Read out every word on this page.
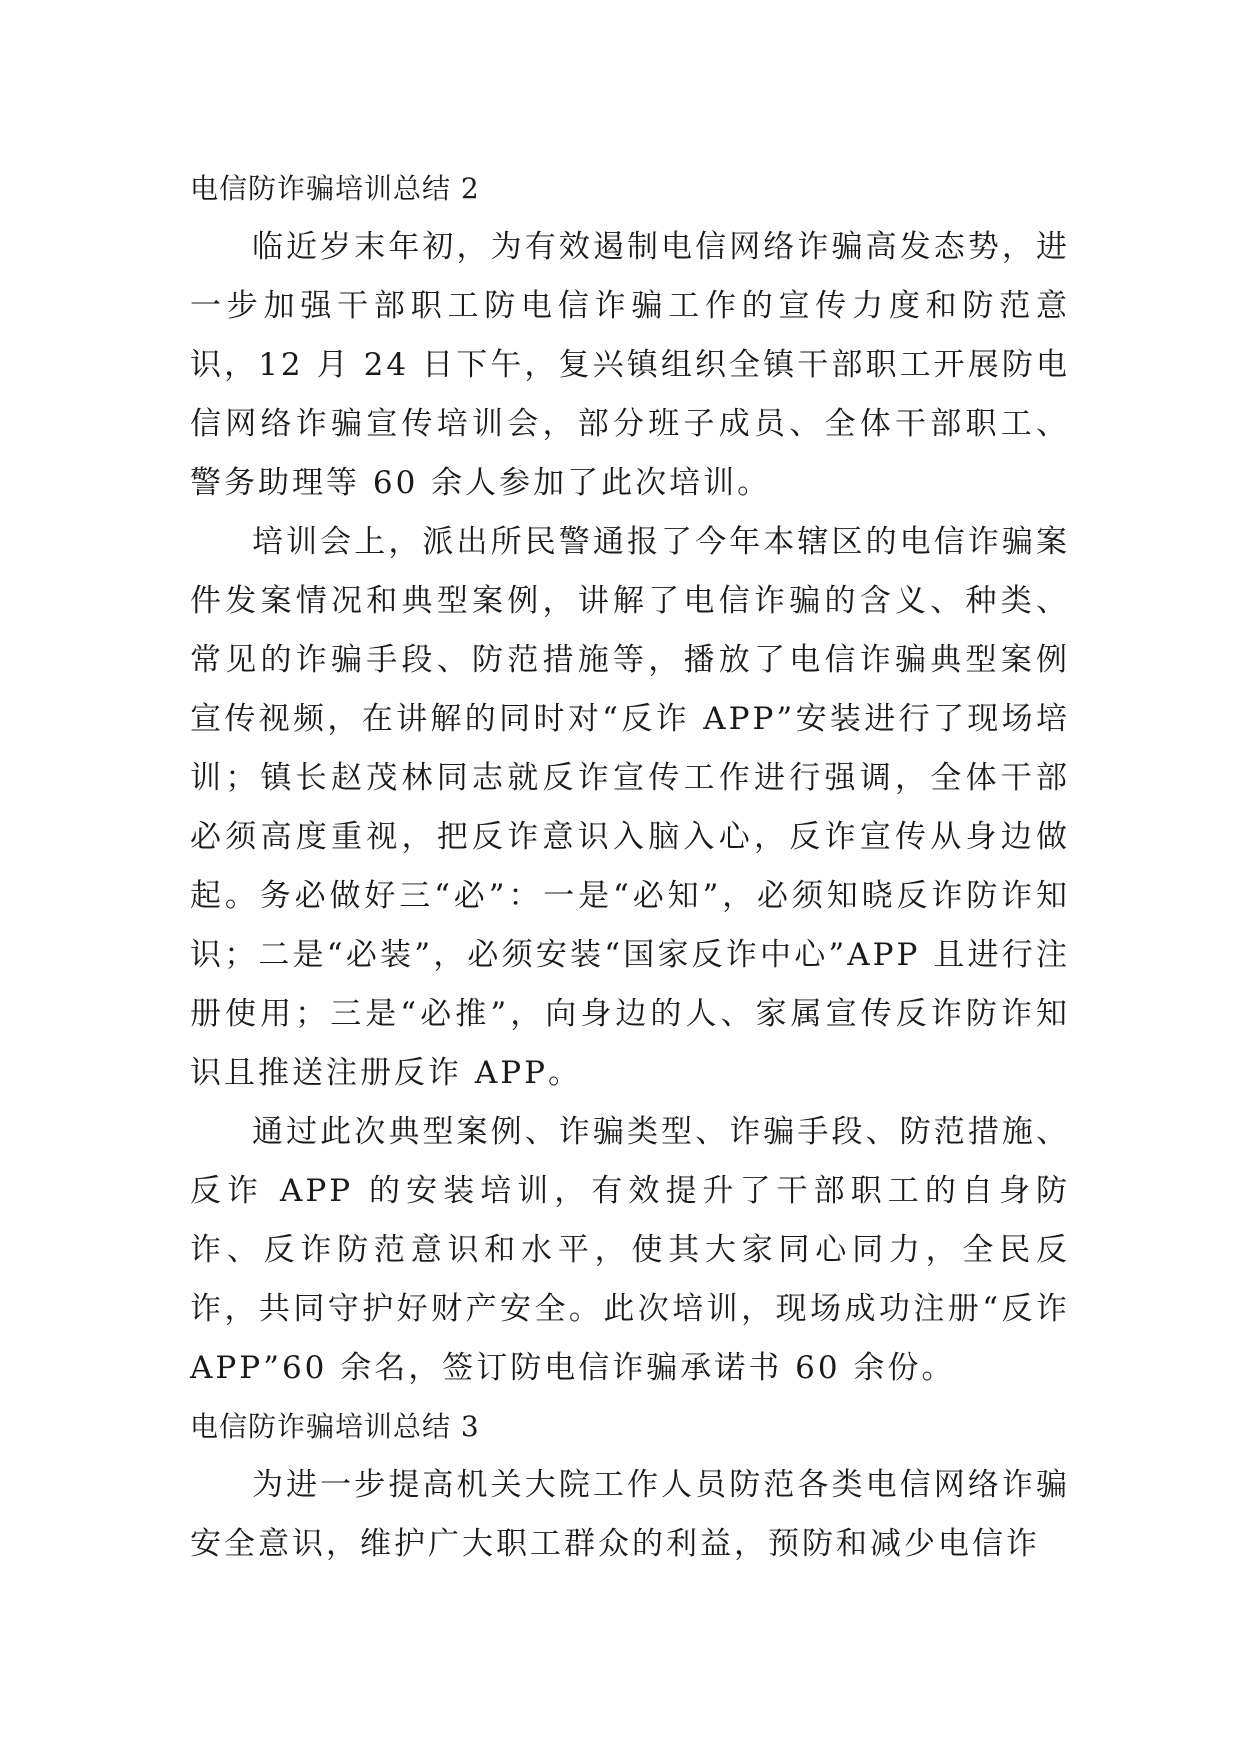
电信防诈骗培训总结 2

临近岁末年初，为有效遏制电信网络诈骗高发态势，进一步加强干部职工防电信诈骗工作的宣传力度和防范意识，12 月 24 日下午，复兴镇组织全镇干部职工开展防电信网络诈骗宣传培训会，部分班子成员、全体干部职工、警务助理等 60 余人参加了此次培训。

培训会上，派出所民警通报了今年本辖区的电信诈骗案件发案情况和典型案例，讲解了电信诈骗的含义、种类、常见的诈骗手段、防范措施等，播放了电信诈骗典型案例宣传视频，在讲解的同时对“反诈 APP”安装进行了现场培训；镇长赵茂林同志就反诈宣传工作进行强调，全体干部必须高度重视，把反诈意识入脑入心，反诈宣传从身边做起。务必做好三“必”：一是“必知”，必须知晓反诈防诈知识；二是“必装”，必须安装“国家反诈中心”APP 且进行注册使用；三是“必推”，向身边的人、家属宣传反诈防诈知识且推送注册反诈 APP。

通过此次典型案例、诈骗类型、诈骗手段、防范措施、反诈 APP 的安装培训，有效提升了干部职工的自身防诈、反诈防范意识和水平，使其大家同心同力，全民反诈，共同守护好财产安全。此次培训，现场成功注册“反诈 APP”60 余名，签订防电信诈骗承诺书 60 余份。

电信防诈骗培训总结 3

为进一步提高机关大院工作人员防范各类电信网络诈骗安全意识，维护广大职工群众的利益，预防和减少电信诈
